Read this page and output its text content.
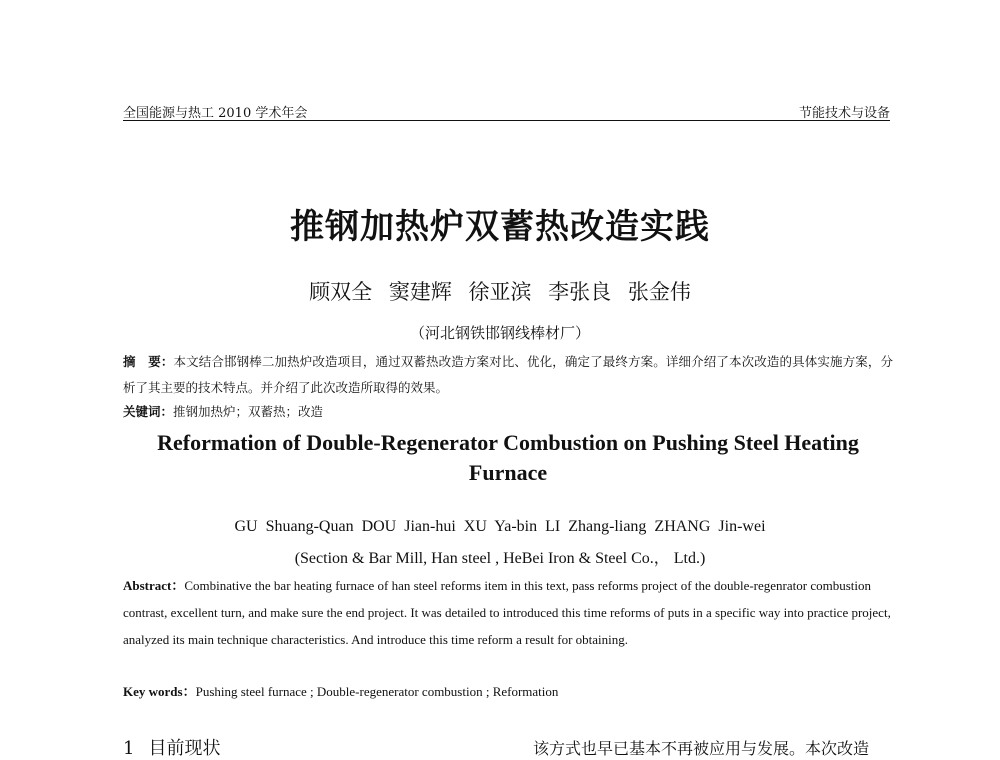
全国能源与热工 2010 学术年会	节能技术与设备
推钢加热炉双蓄热改造实践
顾双全 窦建辉 徐亚滨 李张良 张金伟
（河北钢铁邯钢线棒材厂）

摘　要：本文结合邯钢棒二加热炉改造项目，通过双蓄热改造方案对比、优化，确定了最终方案。详细介绍了本次改造的具体实施方案，分析了其主要的技术特点。并介绍了此次改造所取得的效果。

关键词：推钢加热炉；双蓄热；改造

Reformation of Double-Regenerator Combustion on Pushing Steel Heating Furnace
GU Shuang-Quan DOU Jian-hui XU Ya-bin LI Zhang-liang ZHANG Jin-wei
(Section & Bar Mill, Han steel , HeBei Iron & Steel Co.， Ltd.)

Abstract：Combinative the bar heating furnace of han steel reforms item in this text, pass reforms project of the double-regenrator combustion contrast, excellent turn, and make sure the end project. It was detailed to introduced this time reforms of puts in a specific way into practice project, analyzed its main technique characteristics. And introduce this time reform a result for obtaining.

Key words：Pushing steel furnace ; Double-regenerator combustion ; Reformation

1 目前现状	该方式也早已基本不再被应用与发展。本次改造
